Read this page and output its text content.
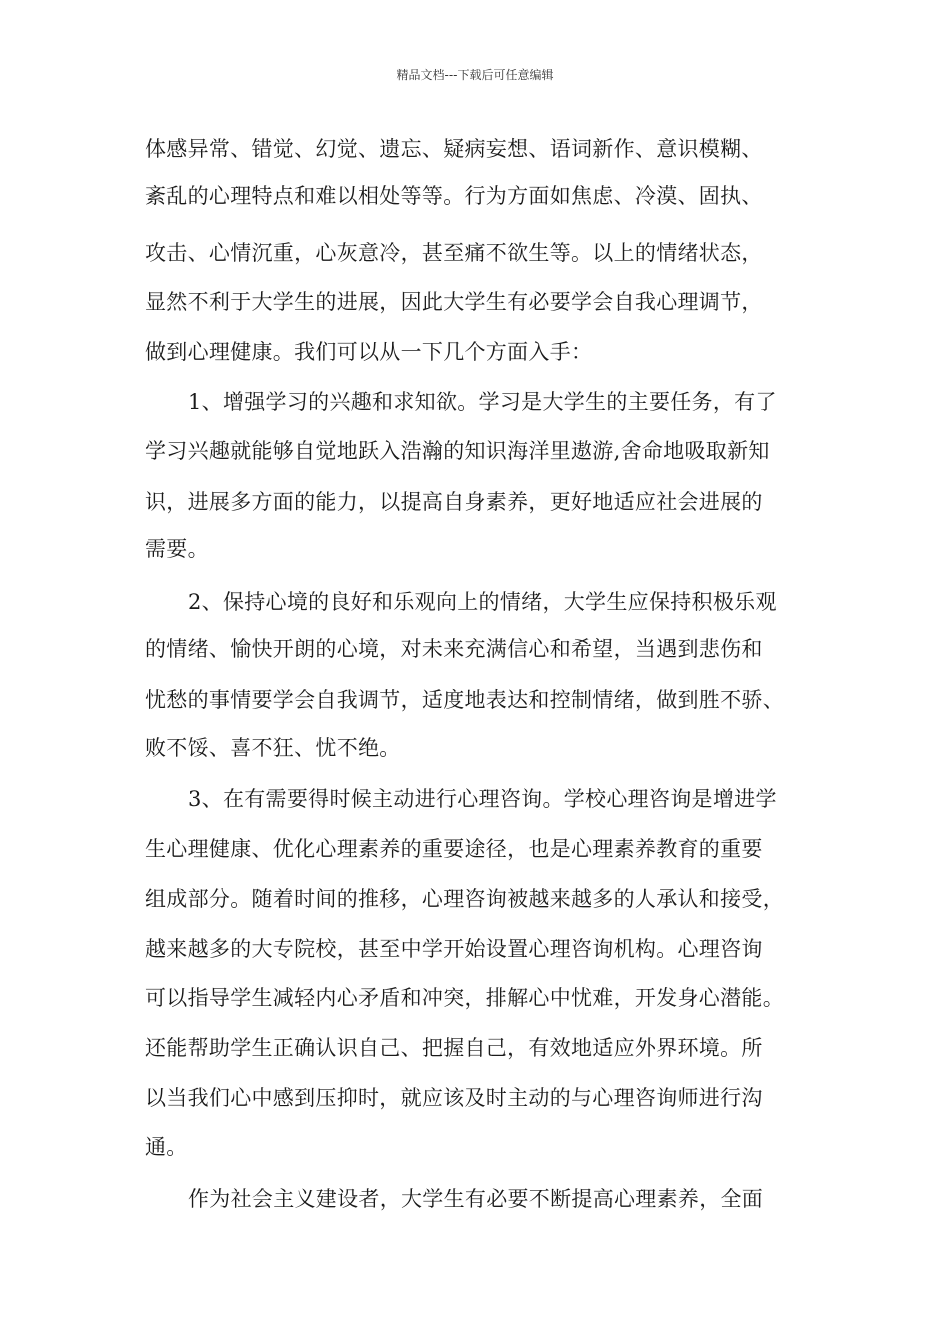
精品文档---下载后可任意编辑
体感异常、错觉、幻觉、遗忘、疑病妄想、语词新作、意识模糊、
紊乱的心理特点和难以相处等等。行为方面如焦虑、冷漠、固执、
攻击、心情沉重，心灰意冷，甚至痛不欲生等。以上的情绪状态，
显然不利于大学生的进展，因此大学生有必要学会自我心理调节，
做到心理健康。我们可以从一下几个方面入手：
1、增强学习的兴趣和求知欲。学习是大学生的主要任务，有了
学习兴趣就能够自觉地跃入浩瀚的知识海洋里遨游,舍命地吸取新知
识，进展多方面的能力，以提高自身素养，更好地适应社会进展的
需要。
2、保持心境的良好和乐观向上的情绪，大学生应保持积极乐观
的情绪、愉快开朗的心境，对未来充满信心和希望，当遇到悲伤和
忧愁的事情要学会自我调节，适度地表达和控制情绪，做到胜不骄、
败不馁、喜不狂、忧不绝。
3、在有需要得时候主动进行心理咨询。学校心理咨询是增进学
生心理健康、优化心理素养的重要途径，也是心理素养教育的重要
组成部分。随着时间的推移，心理咨询被越来越多的人承认和接受，
越来越多的大专院校，甚至中学开始设置心理咨询机构。心理咨询
可以指导学生减轻内心矛盾和冲突，排解心中忧难，开发身心潜能。
还能帮助学生正确认识自己、把握自己，有效地适应外界环境。所
以当我们心中感到压抑时，就应该及时主动的与心理咨询师进行沟
通。
作为社会主义建设者，大学生有必要不断提高心理素养，全面
